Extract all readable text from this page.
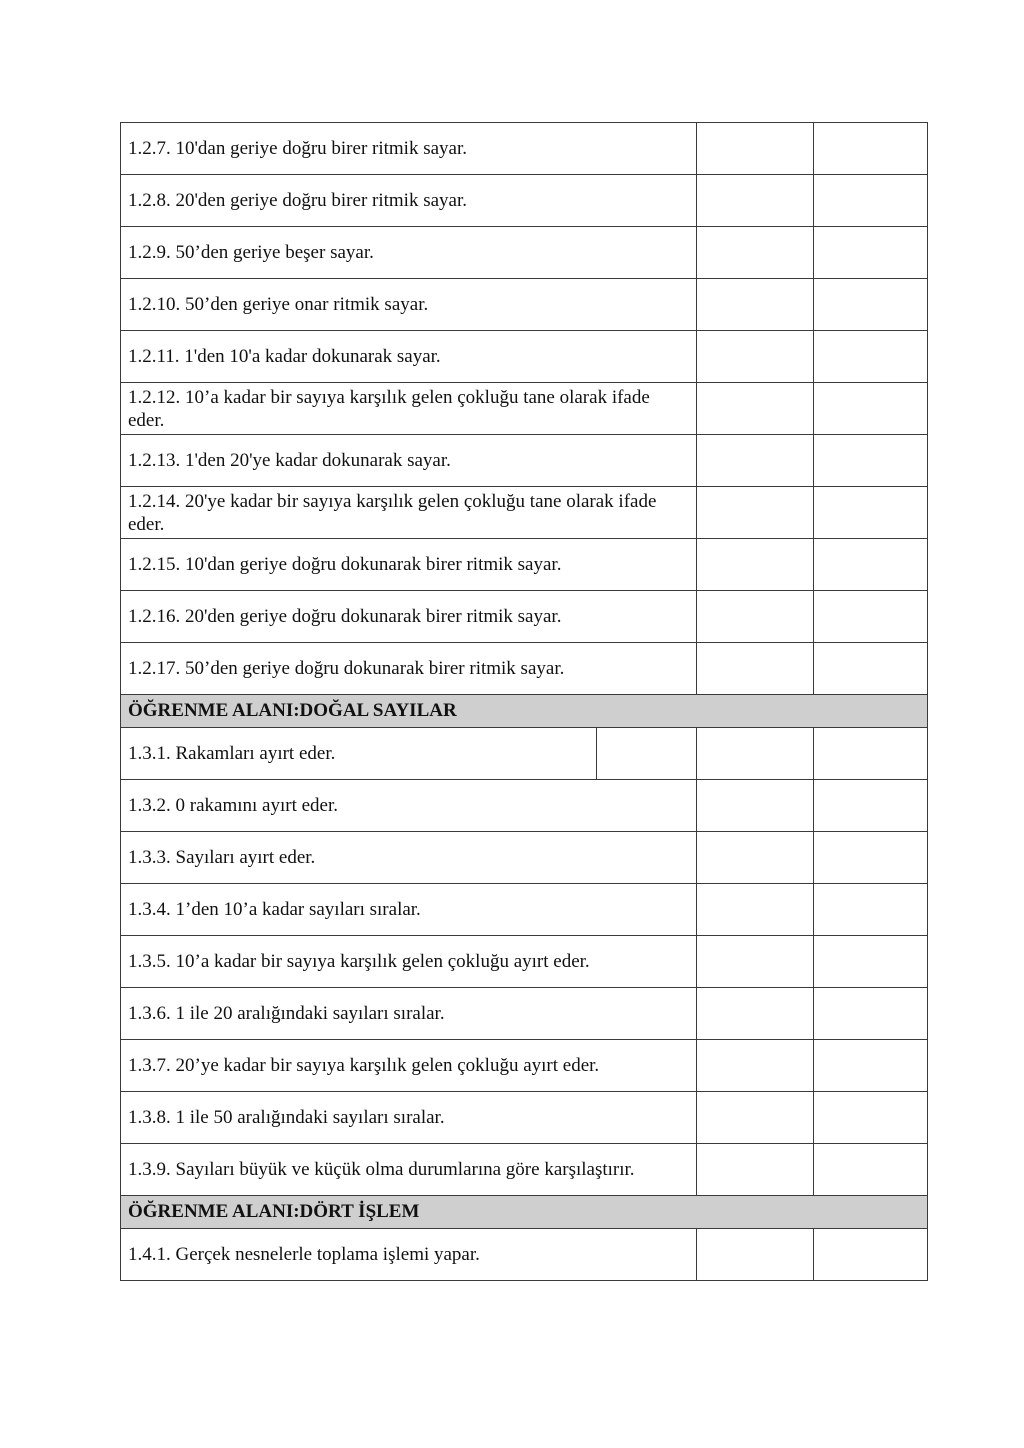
1.2.7. 10'dan geriye doğru birer ritmik sayar.			
1.2.8. 20'den geriye doğru birer ritmik sayar.			
1.2.9. 50’den geriye beşer sayar.			
1.2.10. 50’den geriye onar ritmik sayar.			
1.2.11. 1'den 10'a kadar dokunarak sayar.			
1.2.12. 10’a kadar bir sayıya karşılık gelen çokluğu tane olarak ifade eder.			
1.2.13. 1'den 20'ye kadar dokunarak sayar.			
1.2.14. 20'ye kadar bir sayıya karşılık gelen çokluğu tane olarak ifade eder.			
1.2.15. 10'dan geriye doğru dokunarak birer ritmik sayar.			
1.2.16. 20'den geriye doğru dokunarak birer ritmik sayar.			
1.2.17. 50’den geriye doğru dokunarak birer ritmik sayar.			
ÖĞRENME ALANI:DOĞAL SAYILAR			
1.3.1. Rakamları ayırt eder.			
1.3.2. 0 rakamını ayırt eder.			
1.3.3. Sayıları ayırt eder.			
1.3.4. 1’den 10’a kadar sayıları sıralar.			
1.3.5. 10’a kadar bir sayıya karşılık gelen çokluğu ayırt eder.			
1.3.6. 1 ile 20 aralığındaki sayıları sıralar.			
1.3.7. 20’ye kadar bir sayıya karşılık gelen çokluğu ayırt eder.			
1.3.8. 1 ile 50 aralığındaki sayıları sıralar.			
1.3.9. Sayıları büyük ve küçük olma durumlarına göre karşılaştırır.			
ÖĞRENME ALANI:DÖRT İŞLEM			
1.4.1. Gerçek nesnelerle toplama işlemi yapar.			
